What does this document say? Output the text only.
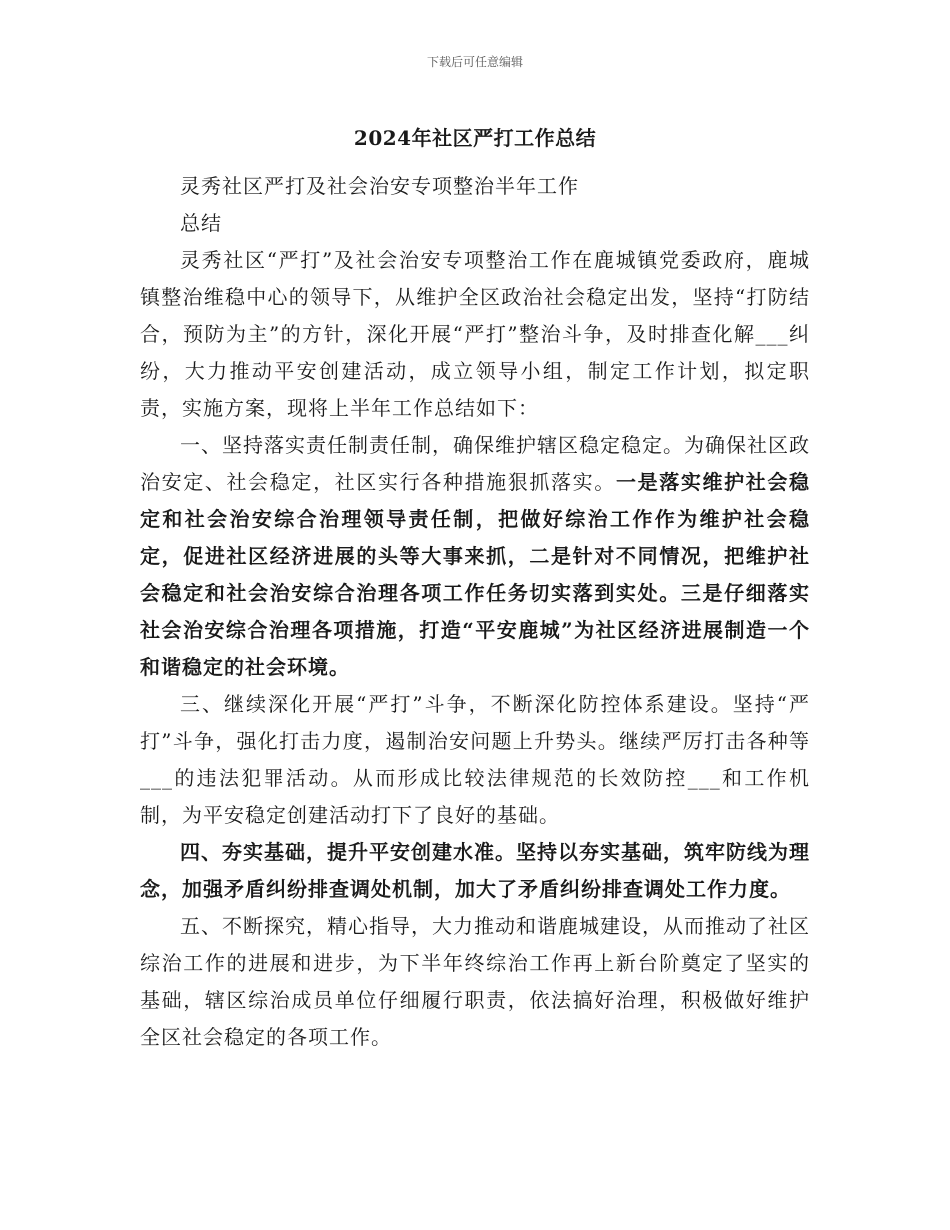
下载后可任意编辑
2024年社区严打工作总结

灵秀社区严打及社会治安专项整治半年工作

总结

灵秀社区“严打”及社会治安专项整治工作在鹿城镇党委政府，鹿城镇整治维稳中心的领导下，从维护全区政治社会稳定出发，坚持“打防结合，预防为主”的方针，深化开展“严打”整治斗争，及时排查化解___纠纷，大力推动平安创建活动，成立领导小组，制定工作计划，拟定职责，实施方案，现将上半年工作总结如下：

一、坚持落实责任制责任制，确保维护辖区稳定稳定。为确保社区政治安定、社会稳定，社区实行各种措施狠抓落实。一是落实维护社会稳定和社会治安综合治理领导责任制，把做好综治工作作为维护社会稳定，促进社区经济进展的头等大事来抓，二是针对不同情况，把维护社会稳定和社会治安综合治理各项工作任务切实落到实处。三是仔细落实社会治安综合治理各项措施，打造“平安鹿城”为社区经济进展制造一个和谐稳定的社会环境。

三、继续深化开展“严打”斗争，不断深化防控体系建设。坚持“严打”斗争，强化打击力度，遏制治安问题上升势头。继续严厉打击各种等___的违法犯罪活动。从而形成比较法律规范的长效防控___和工作机制，为平安稳定创建活动打下了良好的基础。

四、夯实基础，提升平安创建水准。坚持以夯实基础，筑牢防线为理念，加强矛盾纠纷排查调处机制，加大了矛盾纠纷排查调处工作力度。

五、不断探究，精心指导，大力推动和谐鹿城建设，从而推动了社区综治工作的进展和进步，为下半年终综治工作再上新台阶奠定了坚实的基础，辖区综治成员单位仔细履行职责，依法搞好治理，积极做好维护全区社会稳定的各项工作。
